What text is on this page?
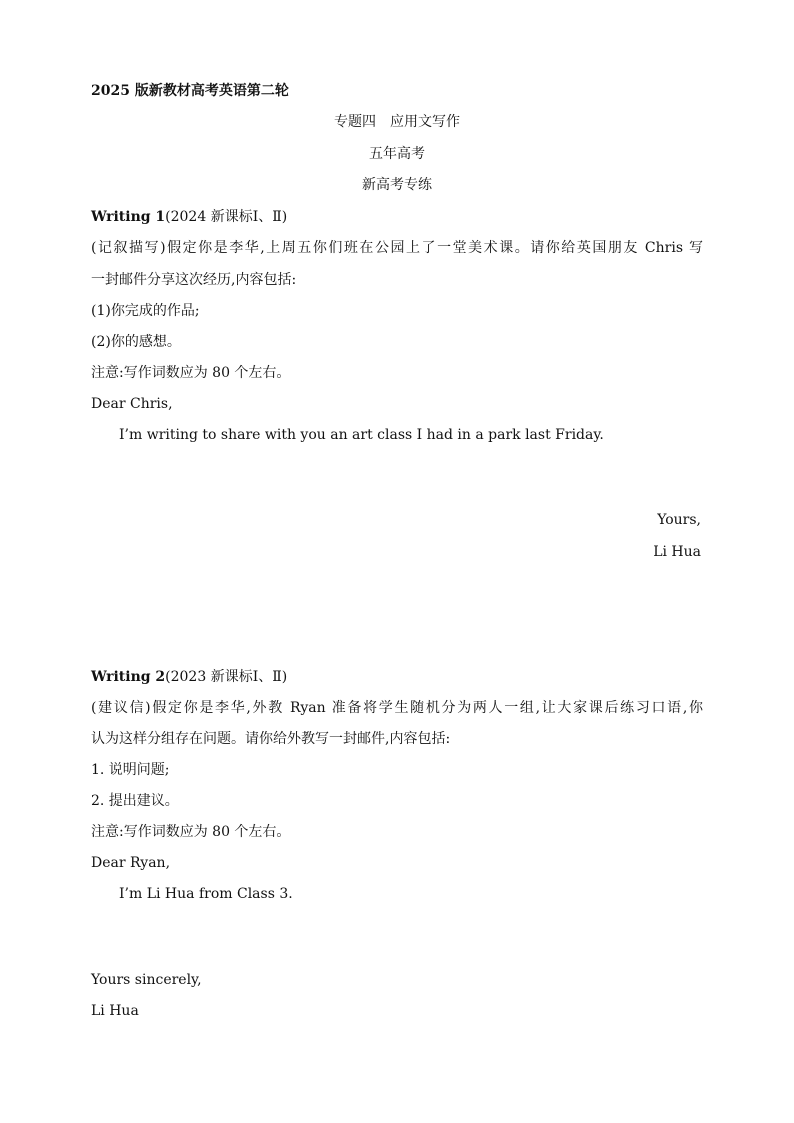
2025 版新教材高考英语第二轮
专题四　应用文写作
五年高考
新高考专练
Writing 1(2024 新课标Ⅰ、Ⅱ)
(记叙描写)假定你是李华,上周五你们班在公园上了一堂美术课。请你给英国朋友 Chris 写
一封邮件分享这次经历,内容包括:
(1)你完成的作品;
(2)你的感想。
注意:写作词数应为 80 个左右。
Dear Chris,
I’m writing to share with you an art class I had in a park last Friday.
Yours,
Li Hua
Writing 2(2023 新课标Ⅰ、Ⅱ)
(建议信)假定你是李华,外教 Ryan 准备将学生随机分为两人一组,让大家课后练习口语,你
认为这样分组存在问题。请你给外教写一封邮件,内容包括:
1. 说明问题;
2. 提出建议。
注意:写作词数应为 80 个左右。
Dear Ryan,
I’m Li Hua from Class 3.
Yours sincerely,
Li Hua
